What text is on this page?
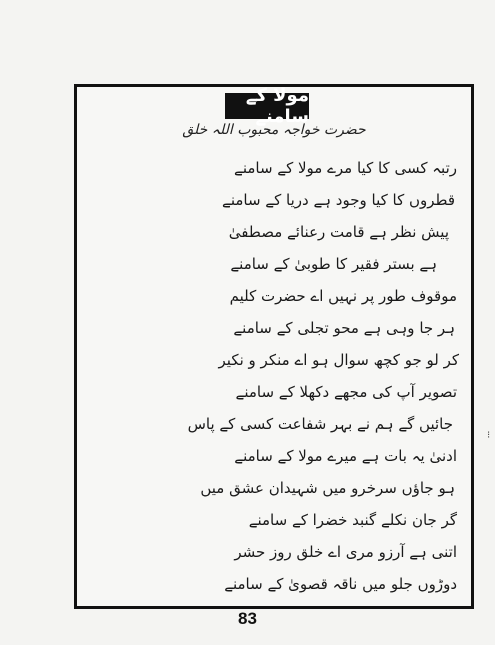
مولا کے سامنے
حضرت خواجہ محبوب اللہ خلق
رتبہ کسی کا کیا مرے مولا کے سامنے
قطروں کا کیا وجود ہے دریا کے سامنے
پیش نظر ہے قامت رعنائے مصطفیٰ
ہے بستر فقیر کا طوبیٰ کے سامنے
موقوف طور پر نہیں اے حضرت کلیم
ہر جا وہی ہے محو تجلی کے سامنے
کر لو جو کچھ سوال ہو اے منکر و نکیر
تصویر آپ کی مجھے دکھلا کے سامنے
جائیں گے ہم نے بہر شفاعت کسی کے پاس
ادنیٰ یہ بات ہے میرے مولا کے سامنے
ہو جاؤں سرخرو میں شہیدان عشق میں
گر جان نکلے گنبد خضرا کے سامنے
اتنی ہے آرزو مری اے خلق روز حشر
دوڑوں جلو میں ناقہ قصویٰ کے سامنے
83
⁝
